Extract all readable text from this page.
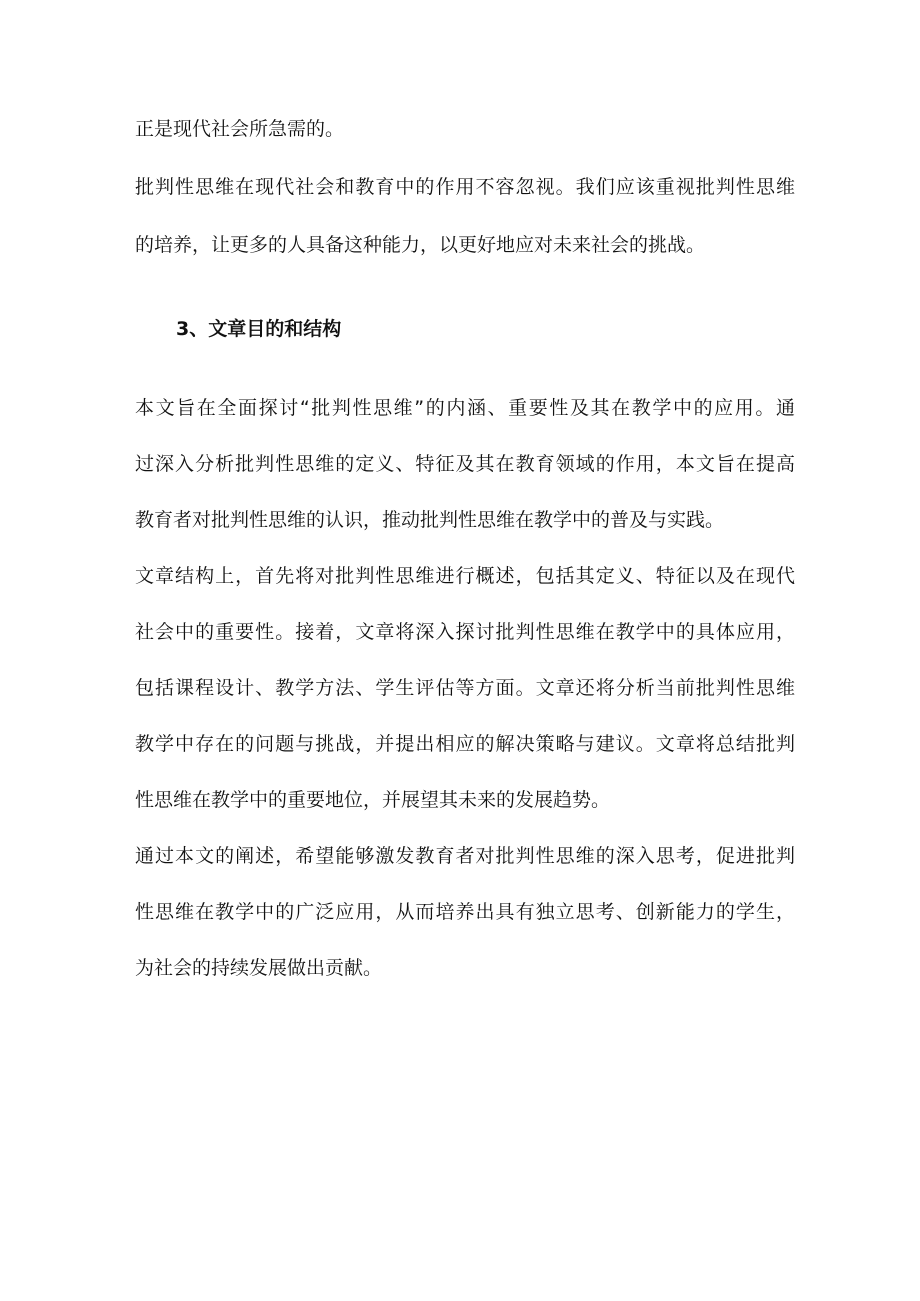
正是现代社会所急需的。
批判性思维在现代社会和教育中的作用不容忽视。我们应该重视批判性思维
的培养，让更多的人具备这种能力，以更好地应对未来社会的挑战。
3、文章目的和结构
本文旨在全面探讨“批判性思维”的内涵、重要性及其在教学中的应用。通
过深入分析批判性思维的定义、特征及其在教育领域的作用，本文旨在提高
教育者对批判性思维的认识，推动批判性思维在教学中的普及与实践。
文章结构上，首先将对批判性思维进行概述，包括其定义、特征以及在现代
社会中的重要性。接着，文章将深入探讨批判性思维在教学中的具体应用，
包括课程设计、教学方法、学生评估等方面。文章还将分析当前批判性思维
教学中存在的问题与挑战，并提出相应的解决策略与建议。文章将总结批判
性思维在教学中的重要地位，并展望其未来的发展趋势。
通过本文的阐述，希望能够激发教育者对批判性思维的深入思考，促进批判
性思维在教学中的广泛应用，从而培养出具有独立思考、创新能力的学生，
为社会的持续发展做出贡献。
